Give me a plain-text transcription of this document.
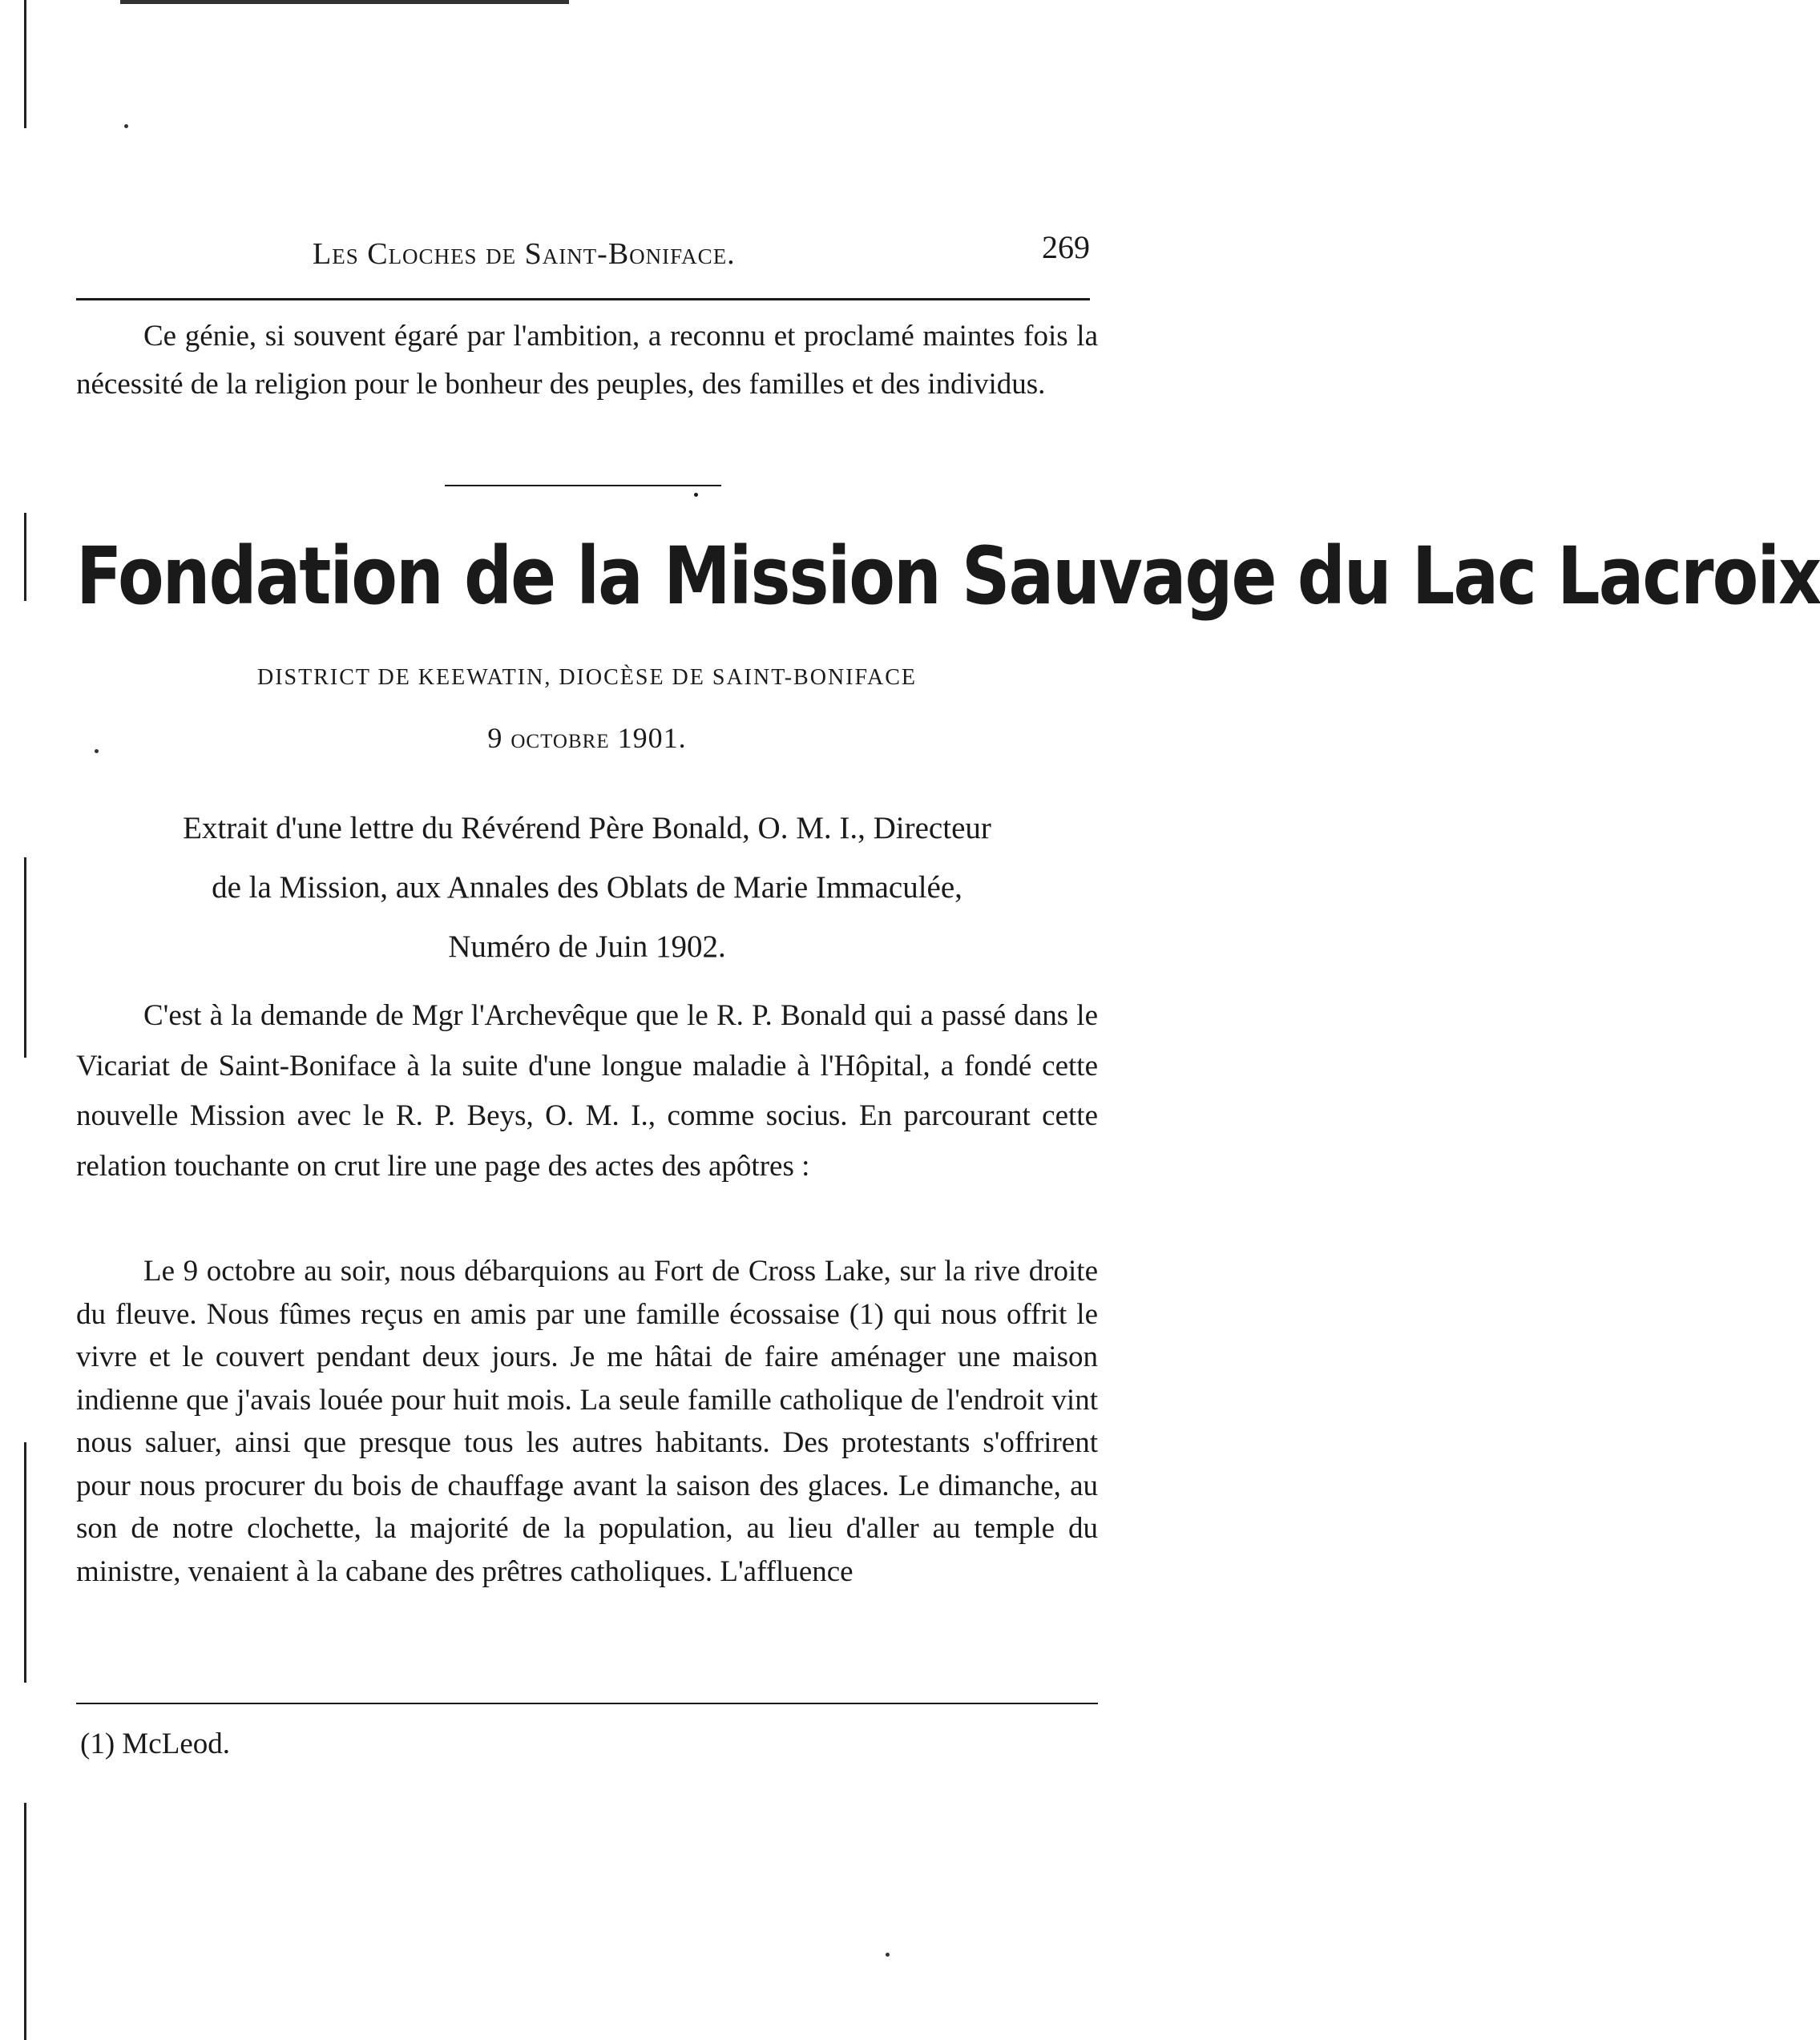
Les Cloches de Saint-Boniface.	269

Ce génie, si souvent égaré par l'ambition, a reconnu et proclamé maintes fois la nécessité de la religion pour le bonheur des peuples, des familles et des individus.

Fondation de la Mission Sauvage du Lac Lacroix
DISTRICT DE KEEWATIN, DIOCÈSE DE SAINT-BONIFACE
9 octobre 1901.
Extrait d'une lettre du Révérend Père Bonald, O. M. I., Directeur
de la Mission, aux Annales des Oblats de Marie Immaculée,
Numéro de Juin 1902.

C'est à la demande de Mgr l'Archevêque que le R. P. Bonald qui a passé dans le Vicariat de Saint-Boniface à la suite d'une longue maladie à l'Hôpital, a fondé cette nouvelle Mission avec le R. P. Beys, O. M. I., comme socius. En parcourant cette relation touchante on crut lire une page des actes des apôtres :

Le 9 octobre au soir, nous débarquions au Fort de Cross Lake, sur la rive droite du fleuve. Nous fûmes reçus en amis par une famille écossaise (1) qui nous offrit le vivre et le couvert pendant deux jours. Je me hâtai de faire aménager une maison indienne que j'avais louée pour huit mois. La seule famille catholique de l'endroit vint nous saluer, ainsi que presque tous les autres habitants. Des protestants s'offrirent pour nous procurer du bois de chauffage avant la saison des glaces. Le dimanche, au son de notre clochette, la majorité de la population, au lieu d'aller au temple du ministre, venaient à la cabane des prêtres catholiques. L'affluence

(1) McLeod.
